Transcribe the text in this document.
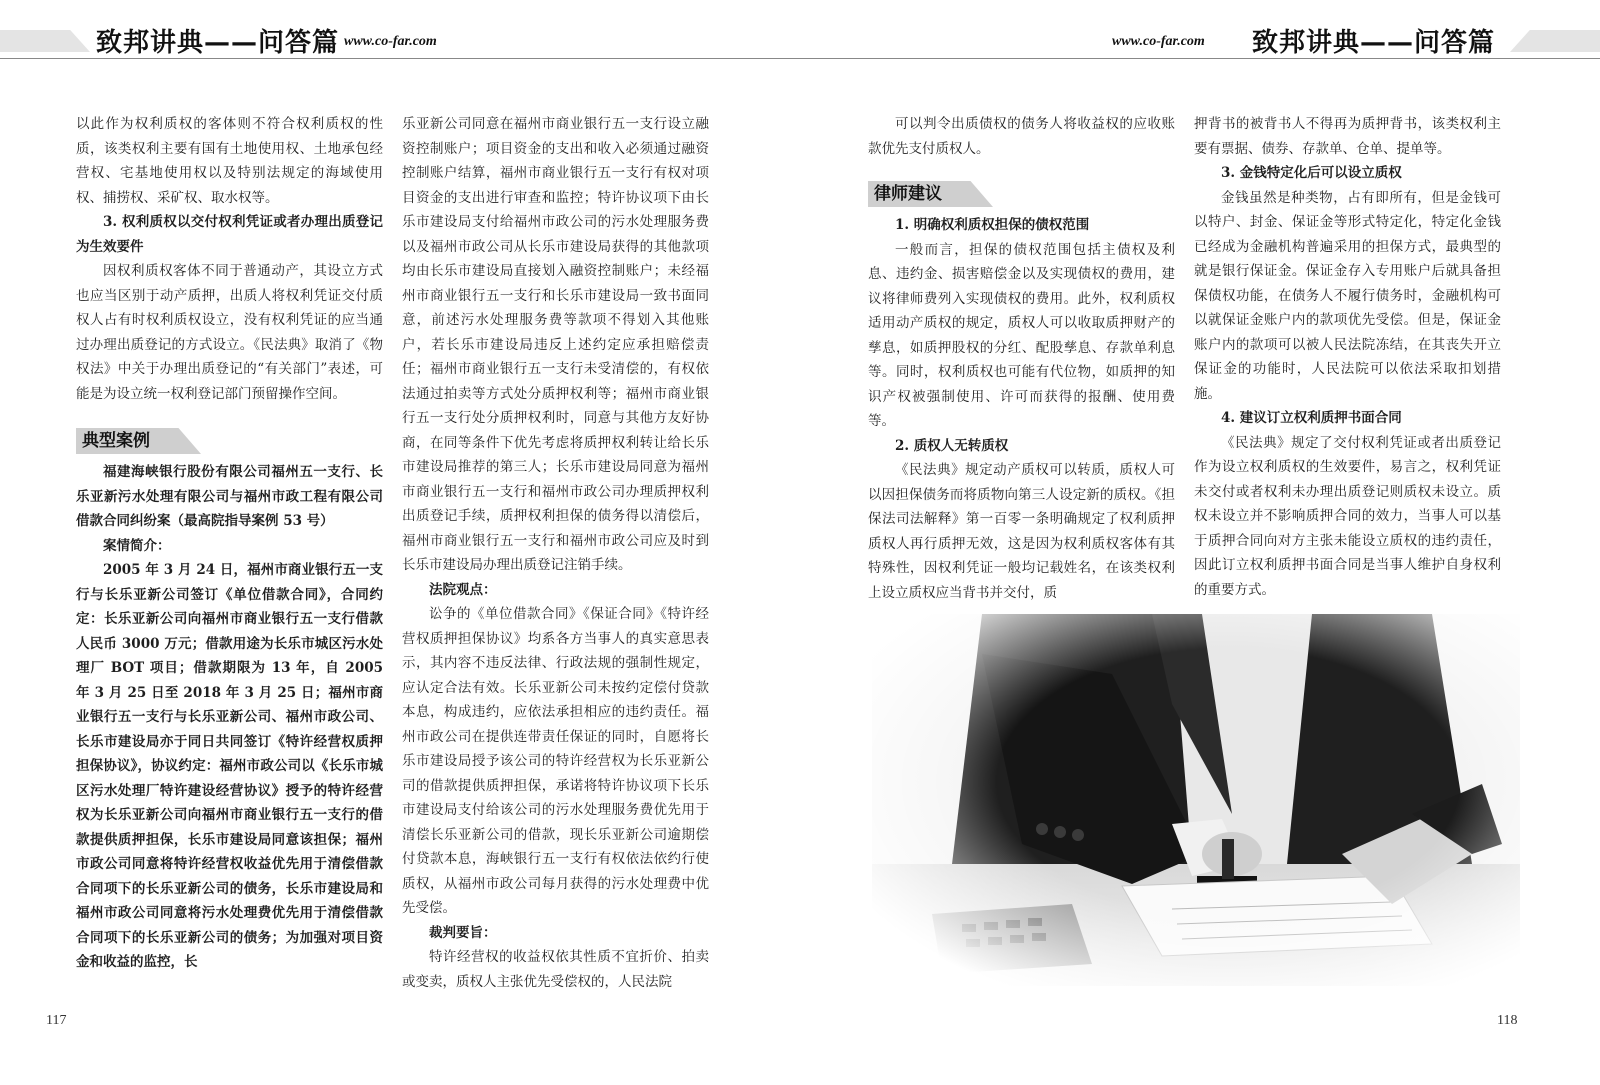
致邦讲典——问答篇 www.co-far.com	www.co-far.com 致邦讲典——问答篇

以此作为权利质权的客体则不符合权利质权的性质，该类权利主要有国有土地使用权、土地承包经营权、宅基地使用权以及特别法规定的海域使用权、捕捞权、采矿权、取水权等。

3. 权利质权以交付权利凭证或者办理出质登记为生效要件

因权利质权客体不同于普通动产，其设立方式也应当区别于动产质押，出质人将权利凭证交付质权人占有时权利质权设立，没有权利凭证的应当通过办理出质登记的方式设立。《民法典》取消了《物权法》中关于办理出质登记的“有关部门”表述，可能是为设立统一权利登记部门预留操作空间。

典型案例

福建海峡银行股份有限公司福州五一支行、长乐亚新污水处理有限公司与福州市政工程有限公司借款合同纠纷案（最高院指导案例 53 号）

案情简介：

2005 年 3 月 24 日，福州市商业银行五一支行与长乐亚新公司签订《单位借款合同》，合同约定：长乐亚新公司向福州市商业银行五一支行借款人民币 3000 万元；借款用途为长乐市城区污水处理厂 BOT 项目；借款期限为 13 年，自 2005 年 3 月 25 日至 2018 年 3 月 25 日；福州市商业银行五一支行与长乐亚新公司、福州市政公司、长乐市建设局亦于同日共同签订《特许经营权质押担保协议》，协议约定：福州市政公司以《长乐市城区污水处理厂特许建设经营协议》授予的特许经营权为长乐亚新公司向福州市商业银行五一支行的借款提供质押担保，长乐市建设局同意该担保；福州市政公司同意将特许经营权收益优先用于清偿借款合同项下的长乐亚新公司的债务，长乐市建设局和福州市政公司同意将污水处理费优先用于清偿借款合同项下的长乐亚新公司的债务；为加强对项目资金和收益的监控，长

乐亚新公司同意在福州市商业银行五一支行设立融资控制账户；项目资金的支出和收入必须通过融资控制账户结算，福州市商业银行五一支行有权对项目资金的支出进行审查和监控；特许协议项下由长乐市建设局支付给福州市政公司的污水处理服务费以及福州市政公司从长乐市建设局获得的其他款项均由长乐市建设局直接划入融资控制账户；未经福州市商业银行五一支行和长乐市建设局一致书面同意，前述污水处理服务费等款项不得划入其他账户，若长乐市建设局违反上述约定应承担赔偿责任；福州市商业银行五一支行未受清偿的，有权依法通过拍卖等方式处分质押权利等；福州市商业银行五一支行处分质押权利时，同意与其他方友好协商，在同等条件下优先考虑将质押权利转让给长乐市建设局推荐的第三人；长乐市建设局同意为福州市商业银行五一支行和福州市政公司办理质押权利出质登记手续，质押权利担保的债务得以清偿后，福州市商业银行五一支行和福州市政公司应及时到长乐市建设局办理出质登记注销手续。

法院观点：

讼争的《单位借款合同》《保证合同》《特许经营权质押担保协议》均系各方当事人的真实意思表示，其内容不违反法律、行政法规的强制性规定，应认定合法有效。长乐亚新公司未按约定偿付贷款本息，构成违约，应依法承担相应的违约责任。福州市政公司在提供连带责任保证的同时，自愿将长乐市建设局授予该公司的特许经营权为长乐亚新公司的借款提供质押担保，承诺将特许协议项下长乐市建设局支付给该公司的污水处理服务费优先用于清偿长乐亚新公司的借款，现长乐亚新公司逾期偿付贷款本息，海峡银行五一支行有权依法依约行使质权，从福州市政公司每月获得的污水处理费中优先受偿。

裁判要旨：

特许经营权的收益权依其性质不宜折价、拍卖或变卖，质权人主张优先受偿权的，人民法院

可以判令出质债权的债务人将收益权的应收账款优先支付质权人。

律师建议

1. 明确权利质权担保的债权范围

一般而言，担保的债权范围包括主债权及利息、违约金、损害赔偿金以及实现债权的费用，建议将律师费列入实现债权的费用。此外，权利质权适用动产质权的规定，质权人可以收取质押财产的孳息，如质押股权的分红、配股孳息、存款单利息等。同时，权利质权也可能有代位物，如质押的知识产权被强制使用、许可而获得的报酬、使用费等。

2. 质权人无转质权

《民法典》规定动产质权可以转质，质权人可以因担保债务而将质物向第三人设定新的质权。《担保法司法解释》第一百零一条明确规定了权利质押质权人再行质押无效，这是因为权利质权客体有其特殊性，因权利凭证一般均记载姓名，在该类权利上设立质权应当背书并交付，质

押背书的被背书人不得再为质押背书，该类权利主要有票据、债券、存款单、仓单、提单等。

3. 金钱特定化后可以设立质权

金钱虽然是种类物，占有即所有，但是金钱可以特户、封金、保证金等形式特定化，特定化金钱已经成为金融机构普遍采用的担保方式，最典型的就是银行保证金。保证金存入专用账户后就具备担保债权功能，在债务人不履行债务时，金融机构可以就保证金账户内的款项优先受偿。但是，保证金账户内的款项可以被人民法院冻结，在其丧失开立保证金的功能时，人民法院可以依法采取扣划措施。

4. 建议订立权利质押书面合同

《民法典》规定了交付权利凭证或者出质登记作为设立权利质权的生效要件，易言之，权利凭证未交付或者权利未办理出质登记则质权未设立。质权未设立并不影响质押合同的效力，当事人可以基于质押合同向对方主张未能设立质权的违约责任，因此订立权利质押书面合同是当事人维护自身权利的重要方式。

117	118
